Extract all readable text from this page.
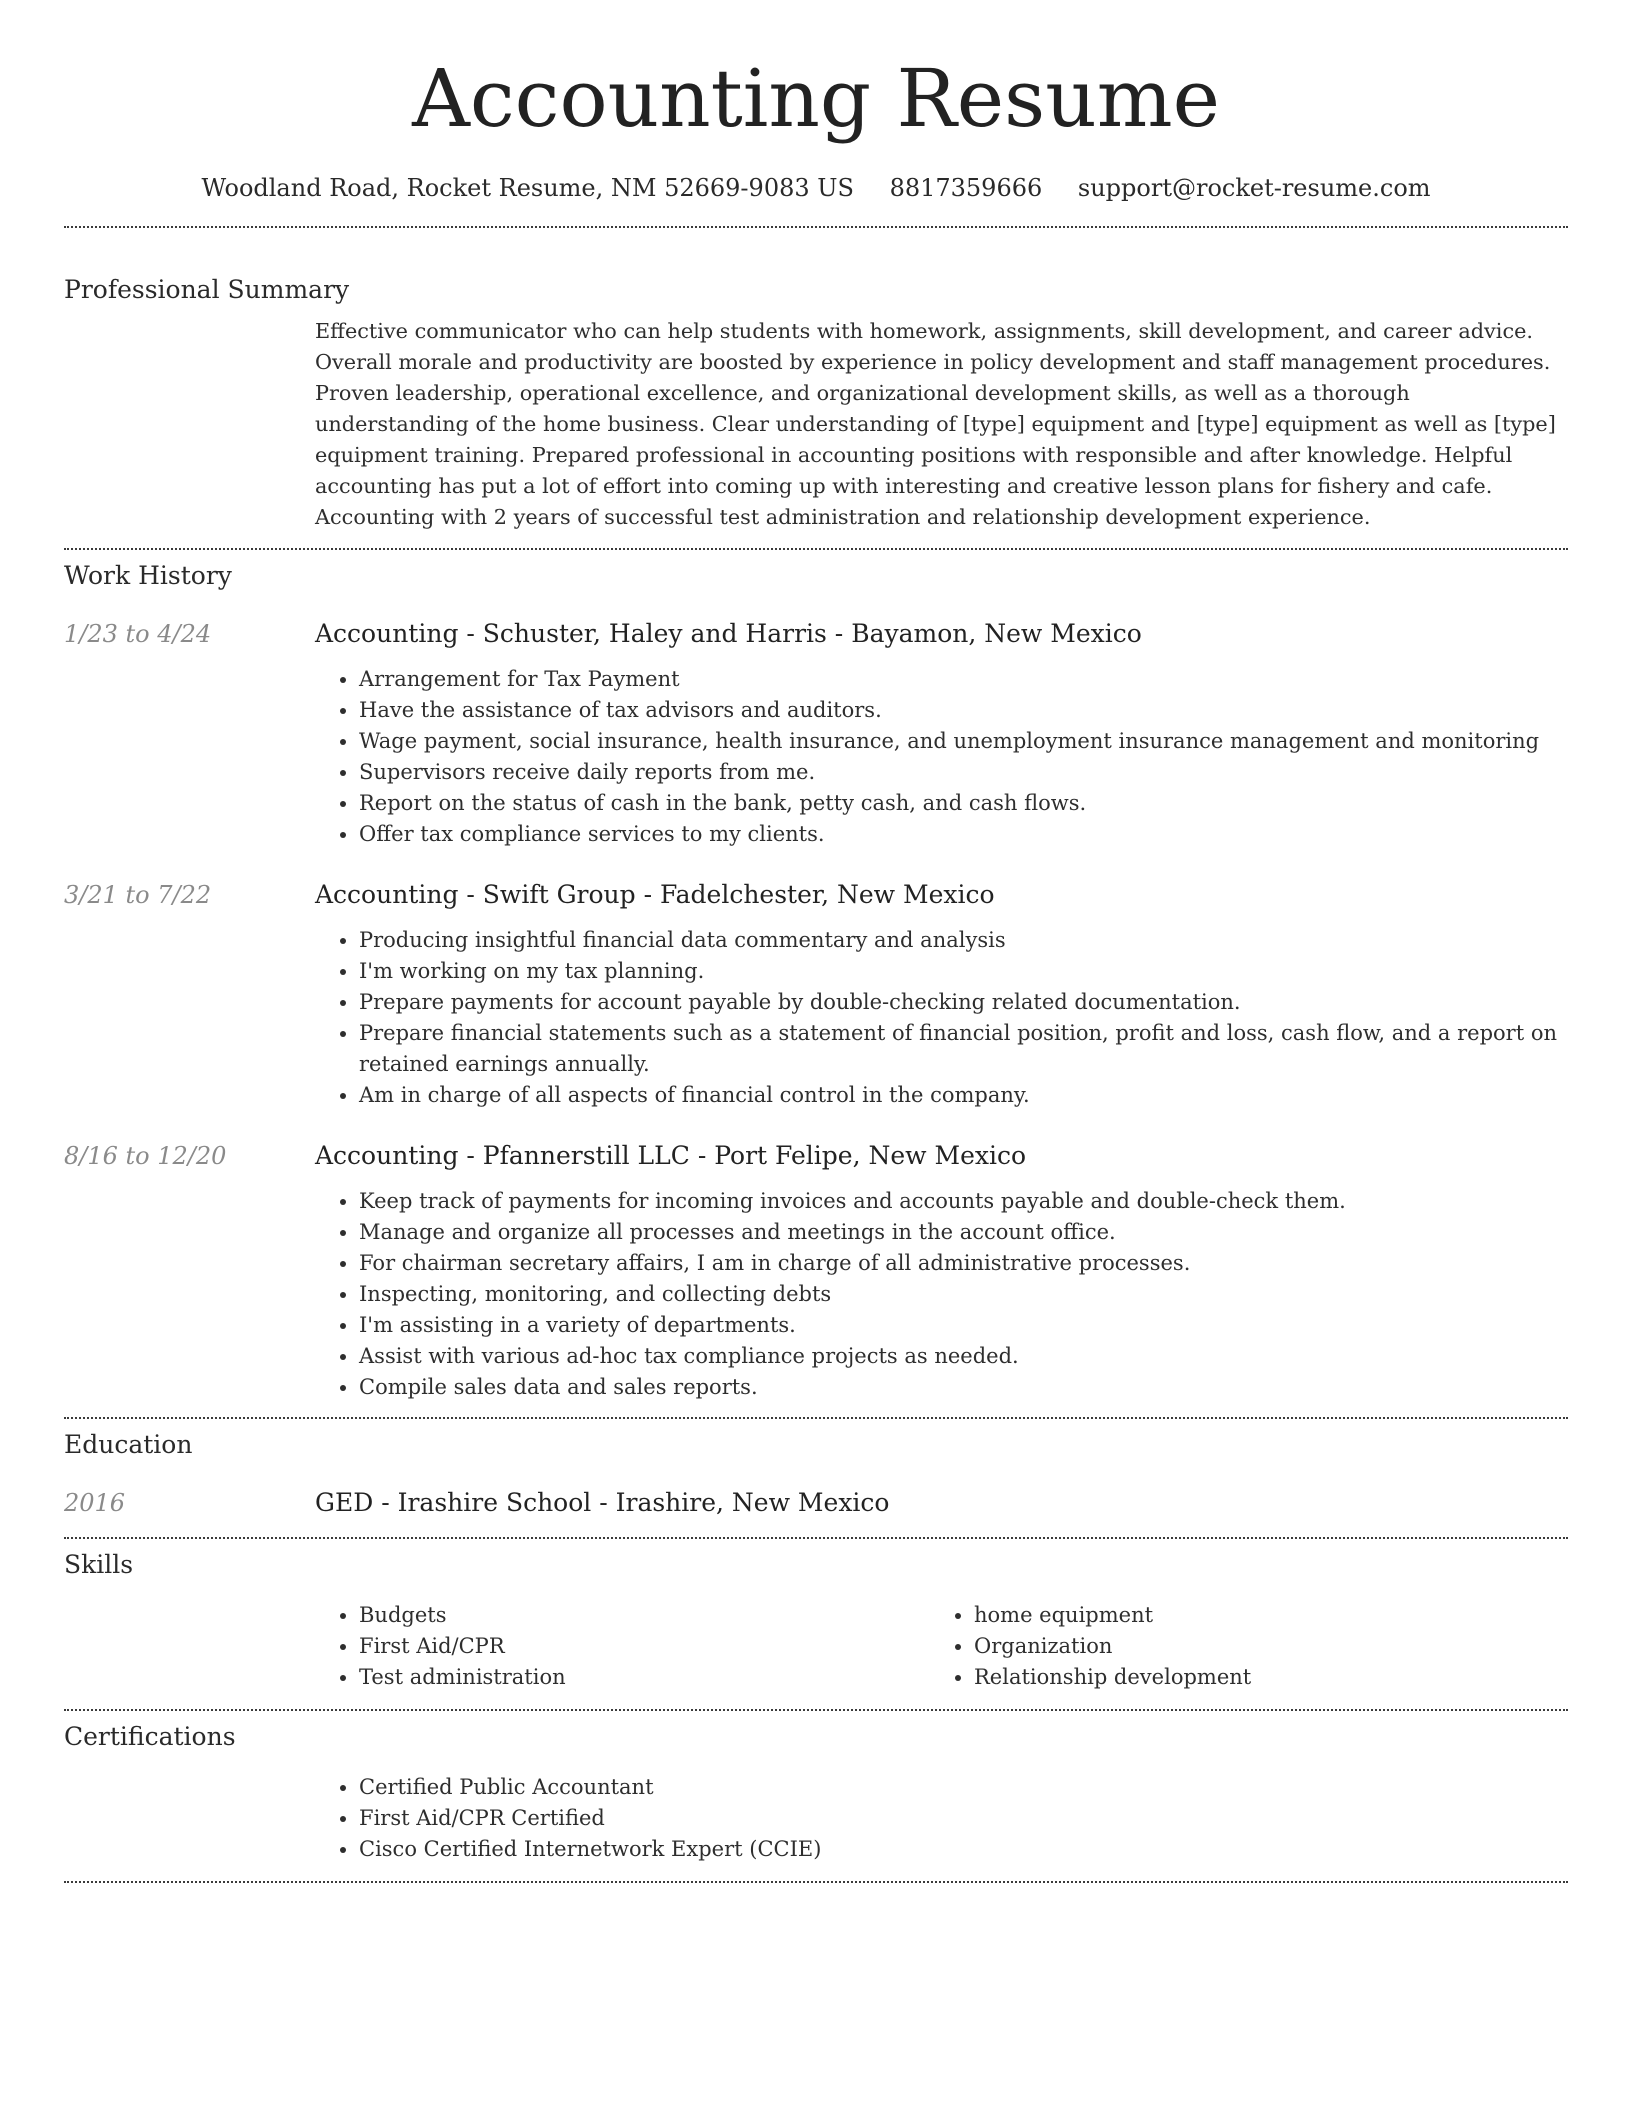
Accounting Resume
Woodland Road, Rocket Resume, NM 52669-9083 US 8817359666 support@rocket-resume.com
Professional Summary

Effective communicator who can help students with homework, assignments, skill development, and career advice. Overall morale and productivity are boosted by experience in policy development and staff management procedures. Proven leadership, operational excellence, and organizational development skills, as well as a thorough understanding of the home business. Clear understanding of [type] equipment and [type] equipment as well as [type] equipment training. Prepared professional in accounting positions with responsible and after knowledge. Helpful accounting has put a lot of effort into coming up with interesting and creative lesson plans for fishery and cafe. Accounting with 2 years of successful test administration and relationship development experience.

Work History
1/23 to 4/24	Accounting - Schuster, Haley and Harris - Bayamon, New Mexico
• Arrangement for Tax Payment
• Have the assistance of tax advisors and auditors.
• Wage payment, social insurance, health insurance, and unemployment insurance management and monitoring
• Supervisors receive daily reports from me.
• Report on the status of cash in the bank, petty cash, and cash flows.
• Offer tax compliance services to my clients.
3/21 to 7/22	Accounting - Swift Group - Fadelchester, New Mexico
• Producing insightful financial data commentary and analysis
• I'm working on my tax planning.
• Prepare payments for account payable by double-checking related documentation.
• Prepare financial statements such as a statement of financial position, profit and loss, cash flow, and a report on retained earnings annually.
• Am in charge of all aspects of financial control in the company.
8/16 to 12/20	Accounting - Pfannerstill LLC - Port Felipe, New Mexico
• Keep track of payments for incoming invoices and accounts payable and double-check them.
• Manage and organize all processes and meetings in the account office.
• For chairman secretary affairs, I am in charge of all administrative processes.
• Inspecting, monitoring, and collecting debts
• I'm assisting in a variety of departments.
• Assist with various ad-hoc tax compliance projects as needed.
• Compile sales data and sales reports.
Education
2016	GED - Irashire School - Irashire, New Mexico
Skills
• Budgets
• First Aid/CPR
• Test administration
• home equipment
• Organization
• Relationship development
Certifications
• Certified Public Accountant
• First Aid/CPR Certified
• Cisco Certified Internetwork Expert (CCIE)
